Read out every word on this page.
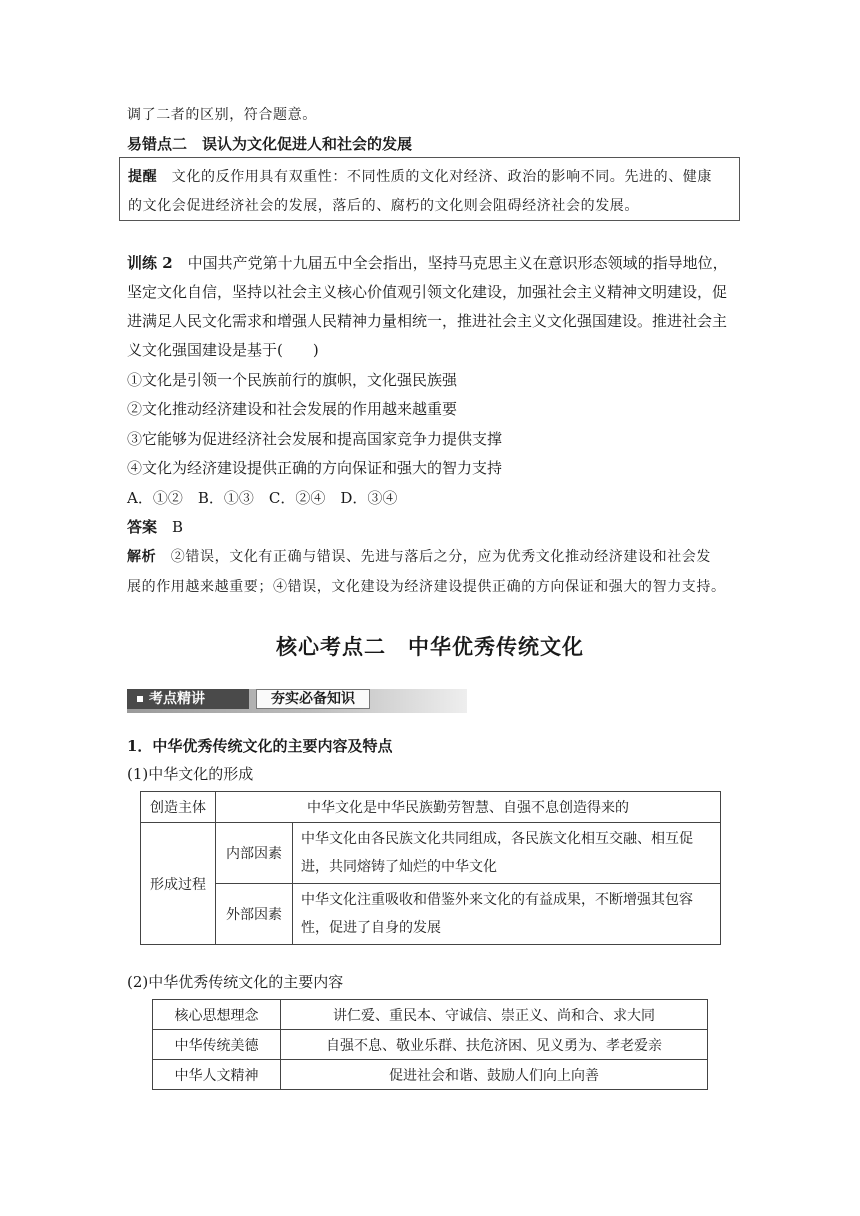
调了二者的区别，符合题意。
易错点二　误认为文化促进人和社会的发展
提醒　文化的反作用具有双重性：不同性质的文化对经济、政治的影响不同。先进的、健康
的文化会促进经济社会的发展，落后的、腐朽的文化则会阻碍经济社会的发展。
训练 2　中国共产党第十九届五中全会指出，坚持马克思主义在意识形态领域的指导地位，
坚定文化自信，坚持以社会主义核心价值观引领文化建设，加强社会主义精神文明建设，促
进满足人民文化需求和增强人民精神力量相统一，推进社会主义文化强国建设。推进社会主
义文化强国建设是基于(　　)
①文化是引领一个民族前行的旗帜，文化强民族强
②文化推动经济建设和社会发展的作用越来越重要
③它能够为促进经济社会发展和提高国家竞争力提供支撑
④文化为经济建设提供正确的方向保证和强大的智力支持
A．①②　B．①③　C．②④　D．③④
答案　B
解析　②错误，文化有正确与错误、先进与落后之分，应为优秀文化推动经济建设和社会发
展的作用越来越重要；④错误，文化建设为经济建设提供正确的方向保证和强大的智力支持。
核心考点二　中华优秀传统文化
考点精讲	夯实必备知识
1．中华优秀传统文化的主要内容及特点
(1)中华文化的形成
创造主体	中华文化是中华民族勤劳智慧、自强不息创造得来的	
形成过程	内部因素	中华文化由各民族文化共同组成，各民族文化相互交融、相互促进，共同熔铸了灿烂的中华文化
	外部因素	中华文化注重吸收和借鉴外来文化的有益成果，不断增强其包容性，促进了自身的发展
(2)中华优秀传统文化的主要内容
核心思想理念	讲仁爱、重民本、守诚信、崇正义、尚和合、求大同
中华传统美德	自强不息、敬业乐群、扶危济困、见义勇为、孝老爱亲
中华人文精神	促进社会和谐、鼓励人们向上向善
